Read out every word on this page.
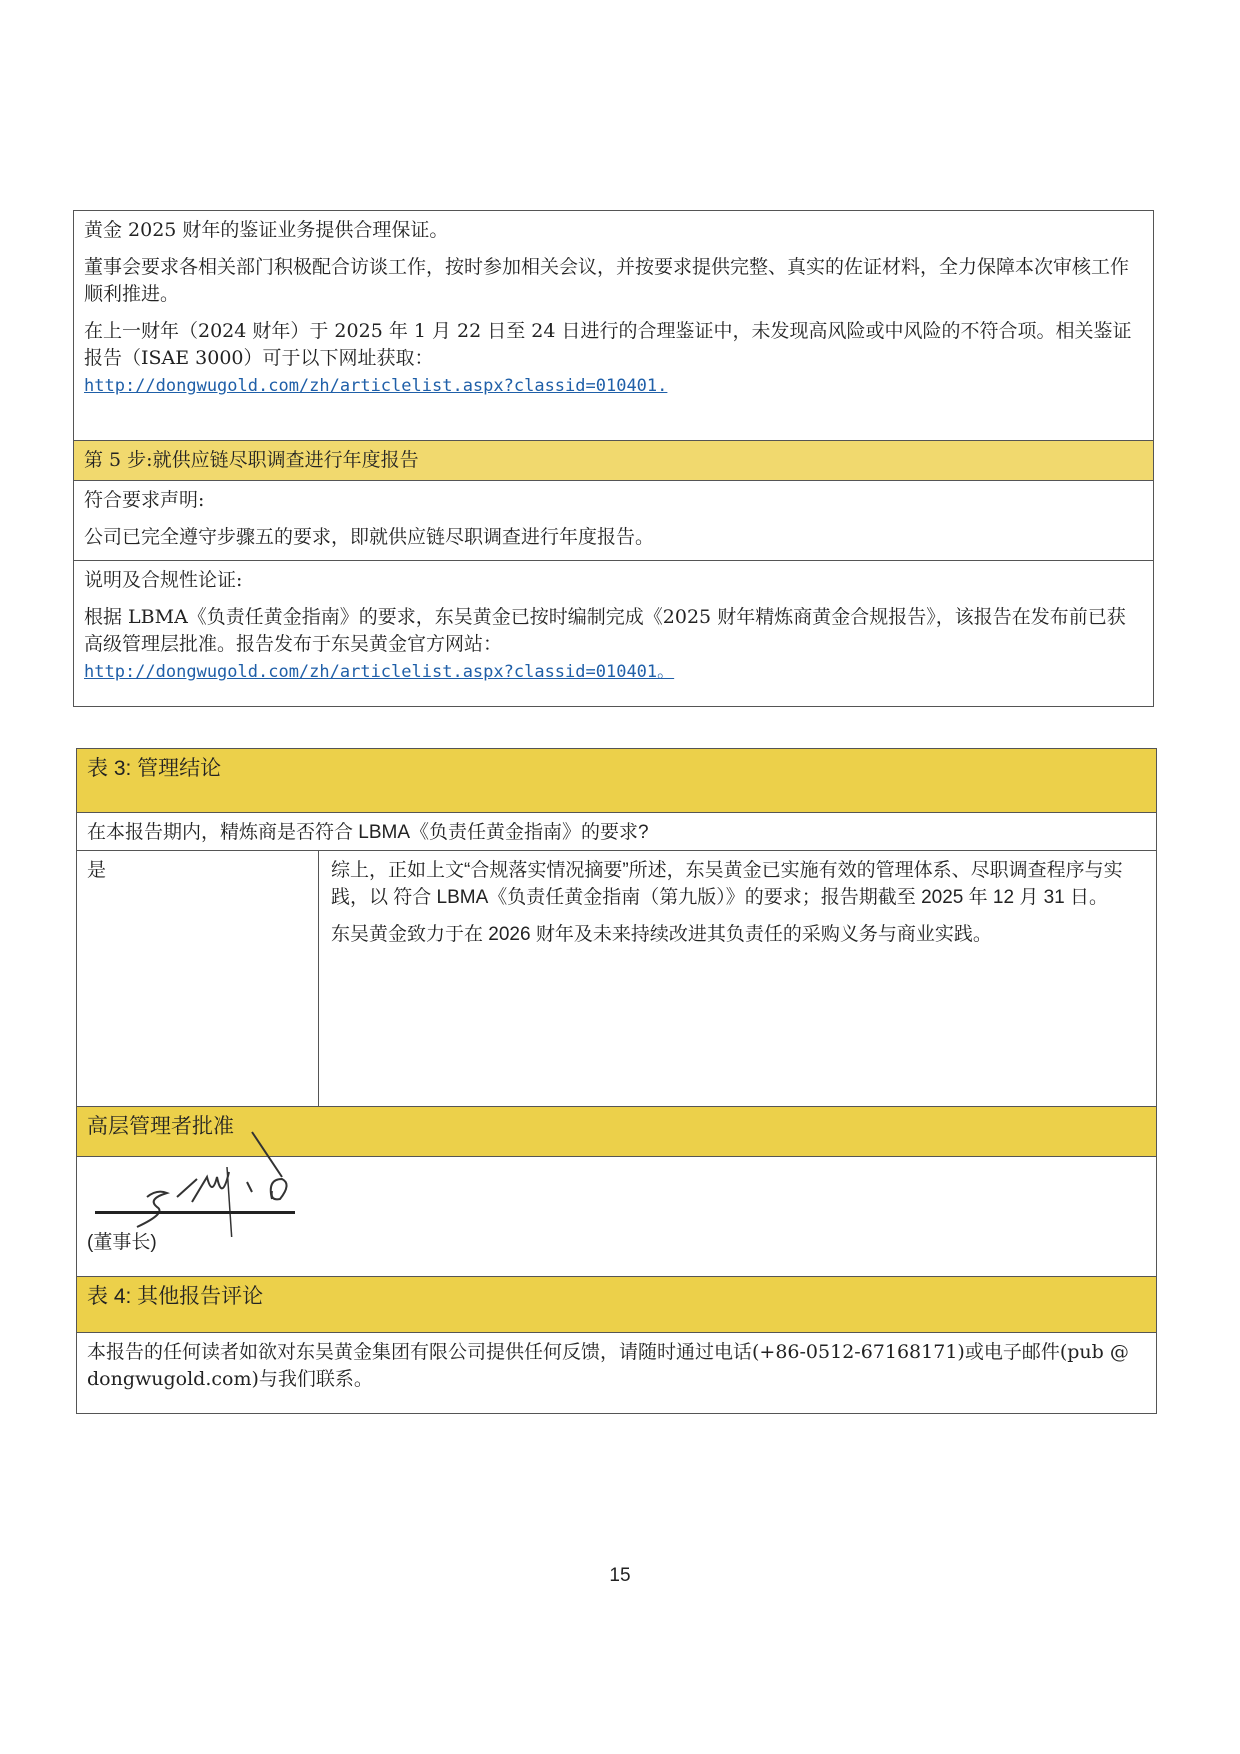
黄金 2025 财年的鉴证业务提供合理保证。

董事会要求各相关部门积极配合访谈工作，按时参加相关会议，并按要求提供完整、真实的佐证材料，全力保障本次审核工作顺利推进。

在上一财年（2024 财年）于 2025 年 1 月 22 日至 24 日进行的合理鉴证中，未发现高风险或中风险的不符合项。相关鉴证报告（ISAE 3000）可于以下网址获取：

http://dongwugold.com/zh/articlelist.aspx?classid=010401.

第 5 步:就供应链尽职调查进行年度报告

符合要求声明:

公司已完全遵守步骤五的要求，即就供应链尽职调查进行年度报告。

说明及合规性论证:

根据 LBMA《负责任黄金指南》的要求，东吴黄金已按时编制完成《2025 财年精炼商黄金合规报告》，该报告在发布前已获高级管理层批准。报告发布于东吴黄金官方网站：

http://dongwugold.com/zh/articlelist.aspx?classid=010401。

表 3: 管理结论

在本报告期内，精炼商是否符合 LBMA《负责任黄金指南》的要求?

是	综上，正如上文“合规落实情况摘要”所述，东吴黄金已实施有效的管理体系、尽职调查程序与实践，以 符合 LBMA《负责任黄金指南（第九版）》的要求；报告期截至 2025 年 12 月 31 日。

东吴黄金致力于在 2026 财年及未来持续改进其负责任的采购义务与商业实践。

高层管理者批准

(董事长)

表 4: 其他报告评论

本报告的任何读者如欲对东吴黄金集团有限公司提供任何反馈，请随时通过电话(+86-0512-67168171)或电子邮件(pub @ dongwugold.com)与我们联系。

15
